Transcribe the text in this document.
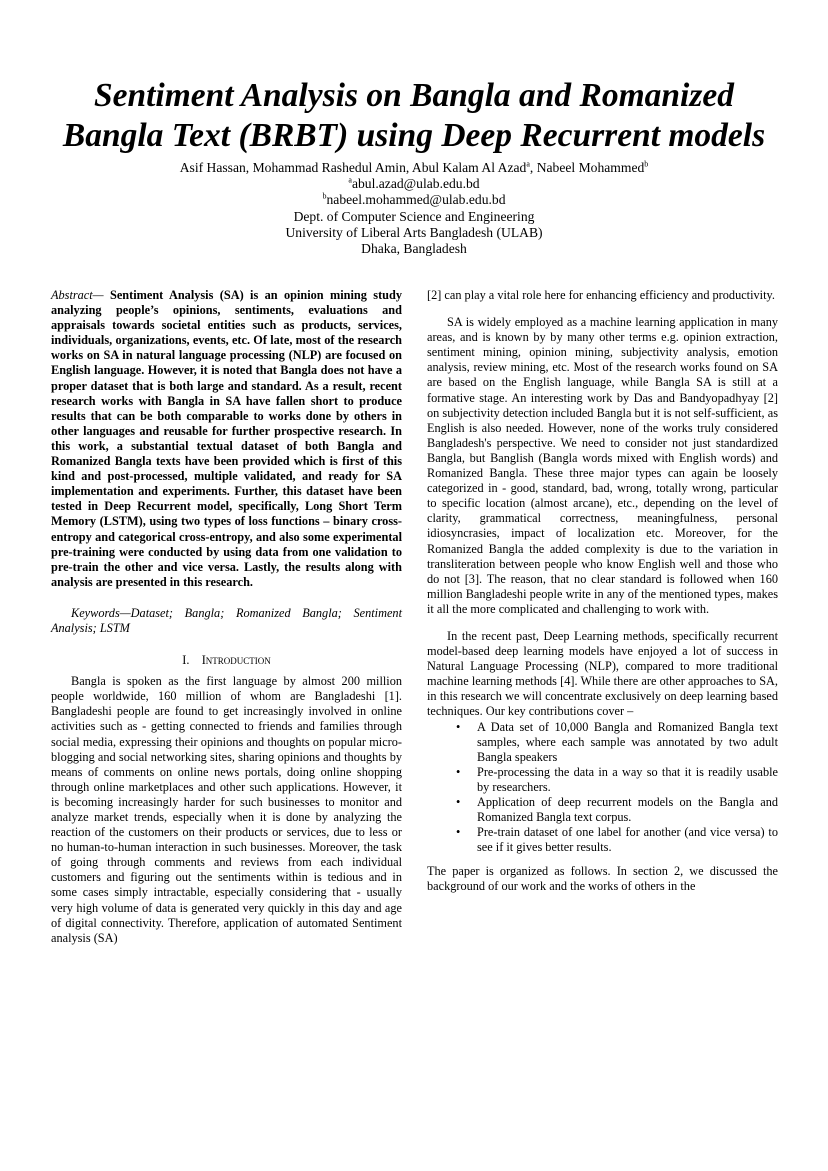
Sentiment Analysis on Bangla and Romanized
Bangla Text (BRBT) using Deep Recurrent models
Asif Hassan, Mohammad Rashedul Amin, Abul Kalam Al Azad$^a$, Nabeel Mohammed$^b$
$^a$abul.azad@ulab.edu.bd
$^b$nabeel.mohammed@ulab.edu.bd
Dept. of Computer Science and Engineering
University of Liberal Arts Bangladesh (ULAB)
Dhaka, Bangladesh
Abstract— Sentiment Analysis (SA) is an opinion mining study analyzing people’s opinions, sentiments, evaluations and appraisals towards societal entities such as products, services, individuals, organizations, events, etc. Of late, most of the research works on SA in natural language processing (NLP) are focused on English language. However, it is noted that Bangla does not have a proper dataset that is both large and standard. As a result, recent research works with Bangla in SA have fallen short to produce results that can be both comparable to works done by others in other languages and reusable for further prospective research. In this work, a substantial textual dataset of both Bangla and Romanized Bangla texts have been provided which is first of this kind and post-processed, multiple validated, and ready for SA implementation and experiments. Further, this dataset have been tested in Deep Recurrent model, specifically, Long Short Term Memory (LSTM), using two types of loss functions – binary cross-entropy and categorical cross-entropy, and also some experimental pre-training were conducted by using data from one validation to pre-train the other and vice versa. Lastly, the results along with analysis are presented in this research.
Keywords—Dataset; Bangla; Romanized Bangla; Sentiment Analysis; LSTM
I. Introduction

Bangla is spoken as the first language by almost 200 million people worldwide, 160 million of whom are Bangladeshi [1]. Bangladeshi people are found to get increasingly involved in online activities such as - getting connected to friends and families through social media, expressing their opinions and thoughts on popular micro-blogging and social networking sites, sharing opinions and thoughts by means of comments on online news portals, doing online shopping through online marketplaces and other such applications. However, it is becoming increasingly harder for such businesses to monitor and analyze market trends, especially when it is done by analyzing the reaction of the customers on their products or services, due to less or no human-to-human interaction in such businesses. Moreover, the task of going through comments and reviews from each individual customers and figuring out the sentiments within is tedious and in some cases simply intractable, especially considering that - usually very high volume of data is generated very quickly in this day and age of digital connectivity. Therefore, application of automated Sentiment analysis (SA)

[2] can play a vital role here for enhancing efficiency and productivity.

SA is widely employed as a machine learning application in many areas, and is known by by many other terms e.g. opinion extraction, sentiment mining, opinion mining, subjectivity analysis, emotion analysis, review mining, etc. Most of the research works found on SA are based on the English language, while Bangla SA is still at a formative stage. An interesting work by Das and Bandyopadhyay [2] on subjectivity detection included Bangla but it is not self-sufficient, as English is also needed. However, none of the works truly considered Bangladesh's perspective. We need to consider not just standardized Bangla, but Banglish (Bangla words mixed with English words) and Romanized Bangla. These three major types can again be loosely categorized in - good, standard, bad, wrong, totally wrong, particular to specific location (almost arcane), etc., depending on the level of clarity, grammatical correctness, meaningfulness, personal idiosyncrasies, impact of localization etc. Moreover, for the Romanized Bangla the added complexity is due to the variation in transliteration between people who know English well and those who do not [3]. The reason, that no clear standard is followed when 160 million Bangladeshi people write in any of the mentioned types, makes it all the more complicated and challenging to work with.

In the recent past, Deep Learning methods, specifically recurrent model-based deep learning models have enjoyed a lot of success in Natural Language Processing (NLP), compared to more traditional machine learning methods [4]. While there are other approaches to SA, in this research we will concentrate exclusively on deep learning based techniques. Our key contributions cover –

• A Data set of 10,000 Bangla and Romanized Bangla text samples, where each sample was annotated by two adult Bangla speakers
• Pre-processing the data in a way so that it is readily usable by researchers.
• Application of deep recurrent models on the Bangla and Romanized Bangla text corpus.
• Pre-train dataset of one label for another (and vice versa) to see if it gives better results.

The paper is organized as follows. In section 2, we discussed the background of our work and the works of others in the
